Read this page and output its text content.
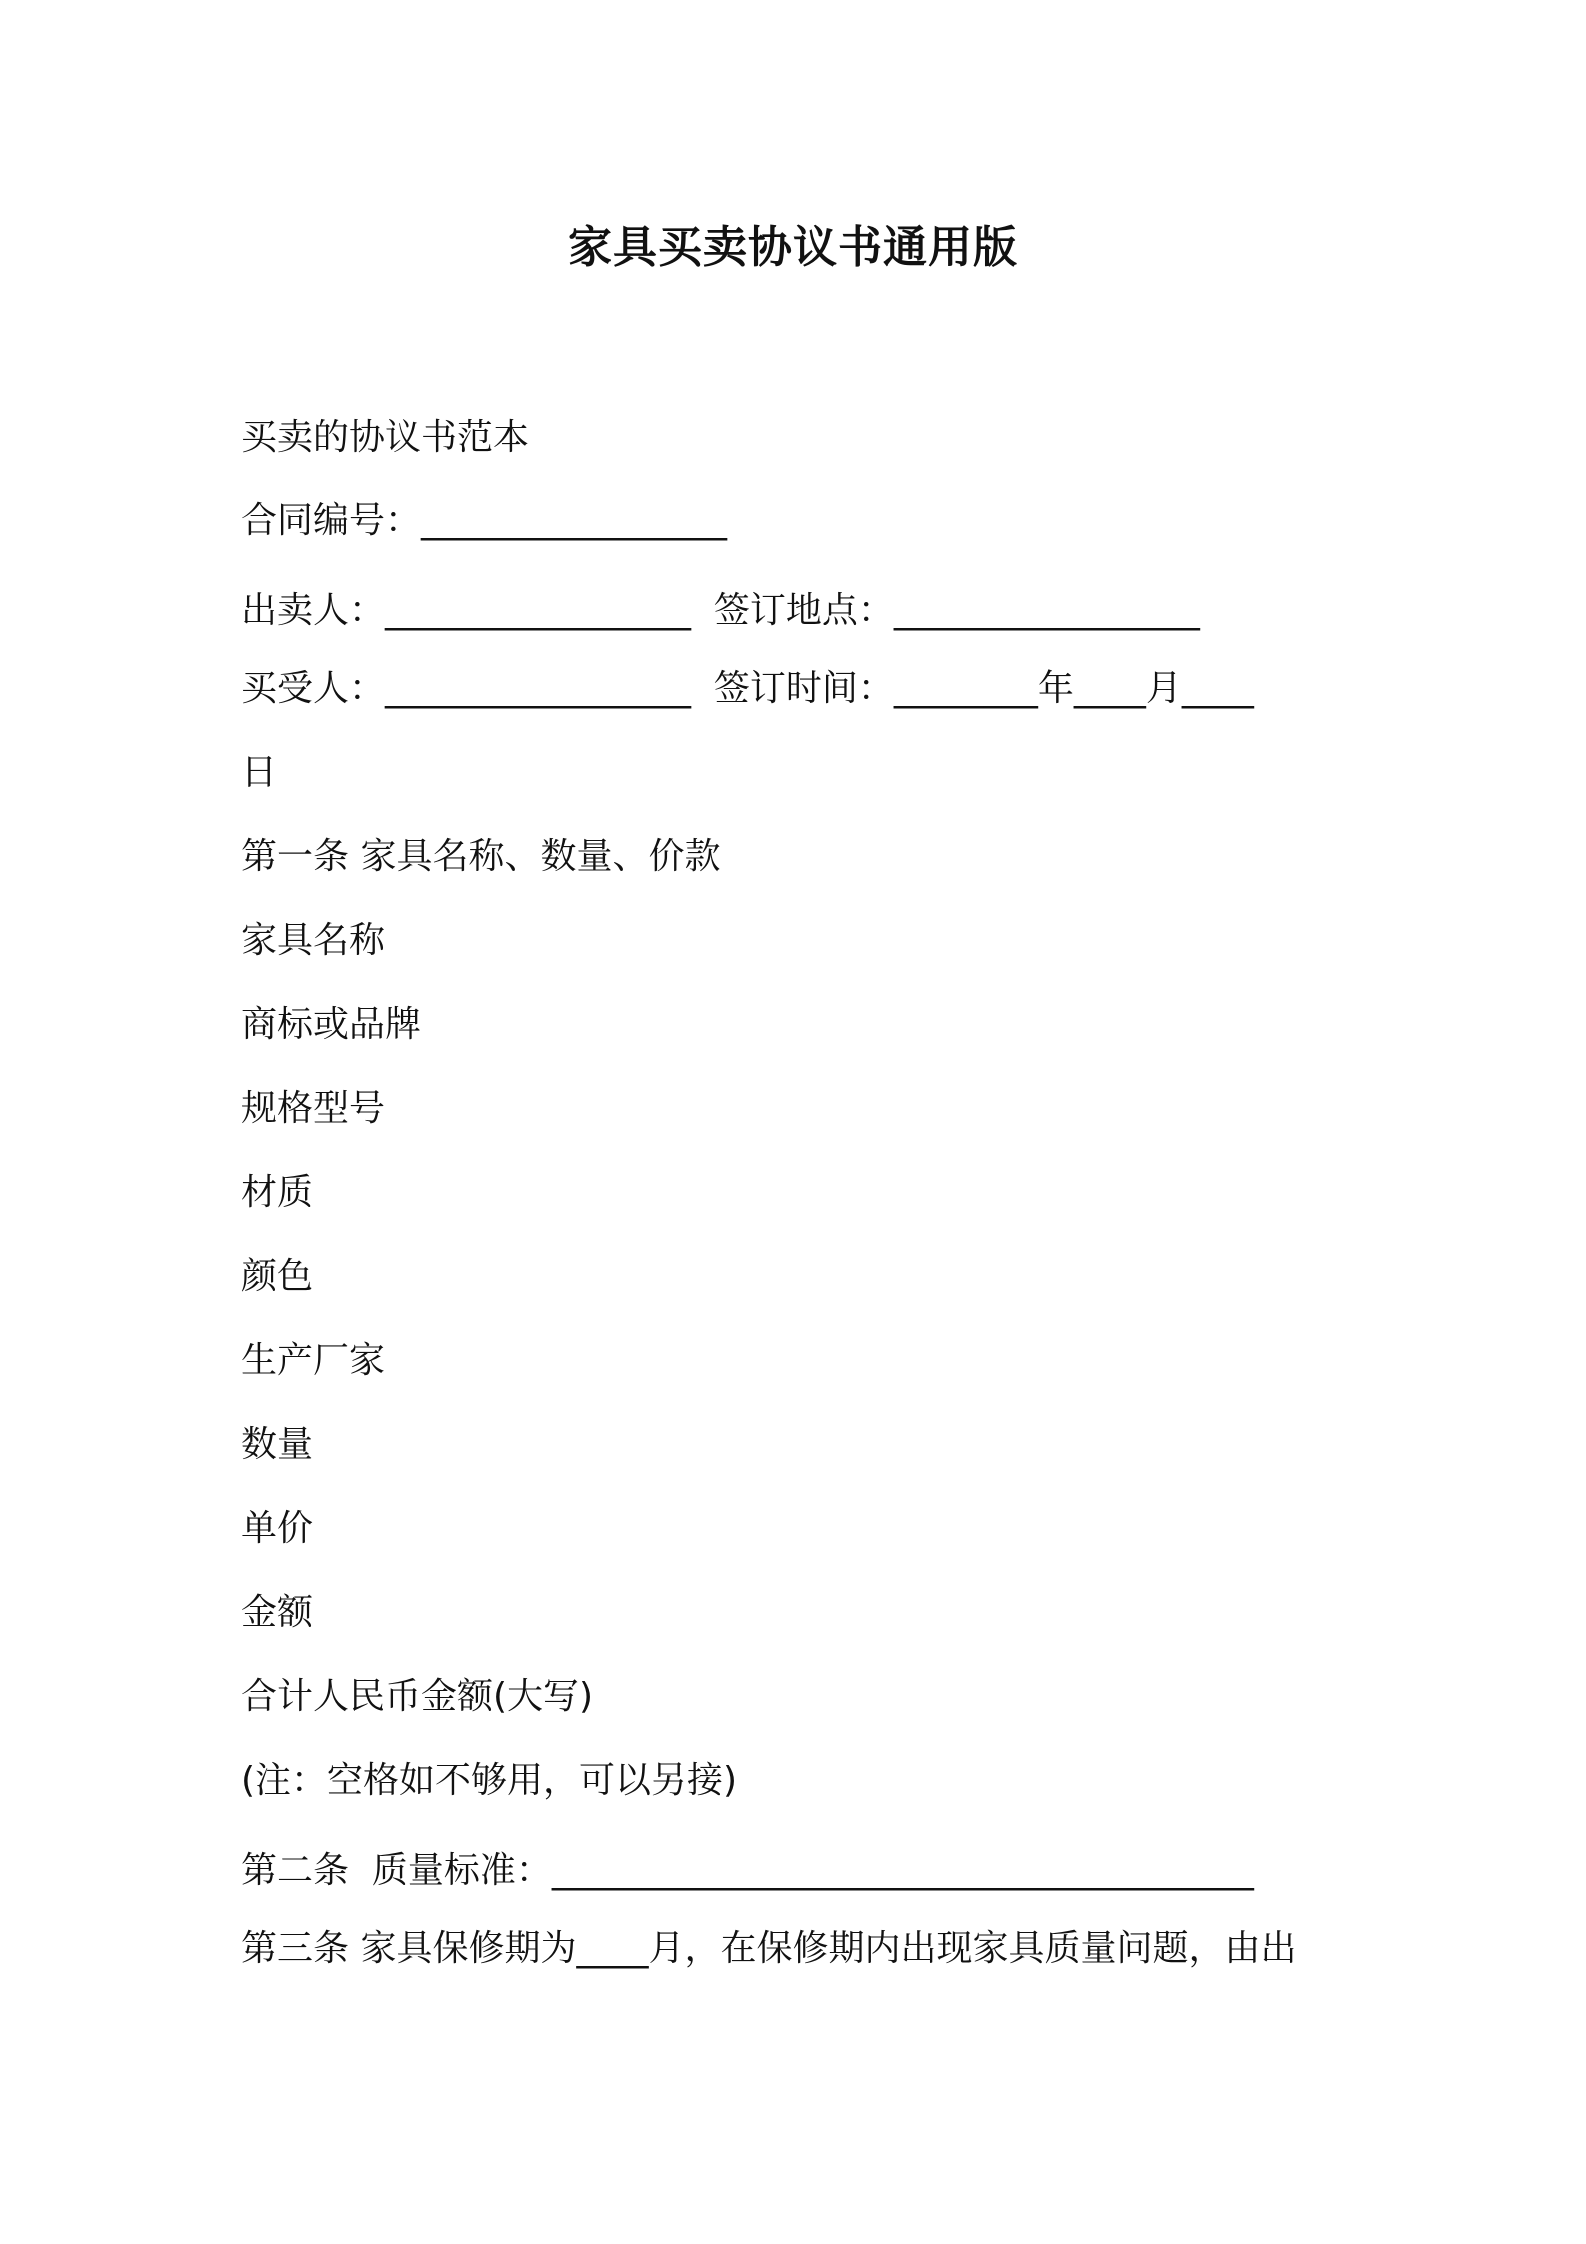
家具买卖协议书通用版
买卖的协议书范本
合同编号：_________________
出卖人：_________________  签订地点：_________________
买受人：_________________  签订时间：________年____月____
日
第一条 家具名称、数量、价款
家具名称
商标或品牌
规格型号
材质
颜色
生产厂家
数量
单价
金额
合计人民币金额(大写)
(注：空格如不够用，可以另接)
第二条  质量标准：_______________________________________
第三条 家具保修期为____月，在保修期内出现家具质量问题，由出
